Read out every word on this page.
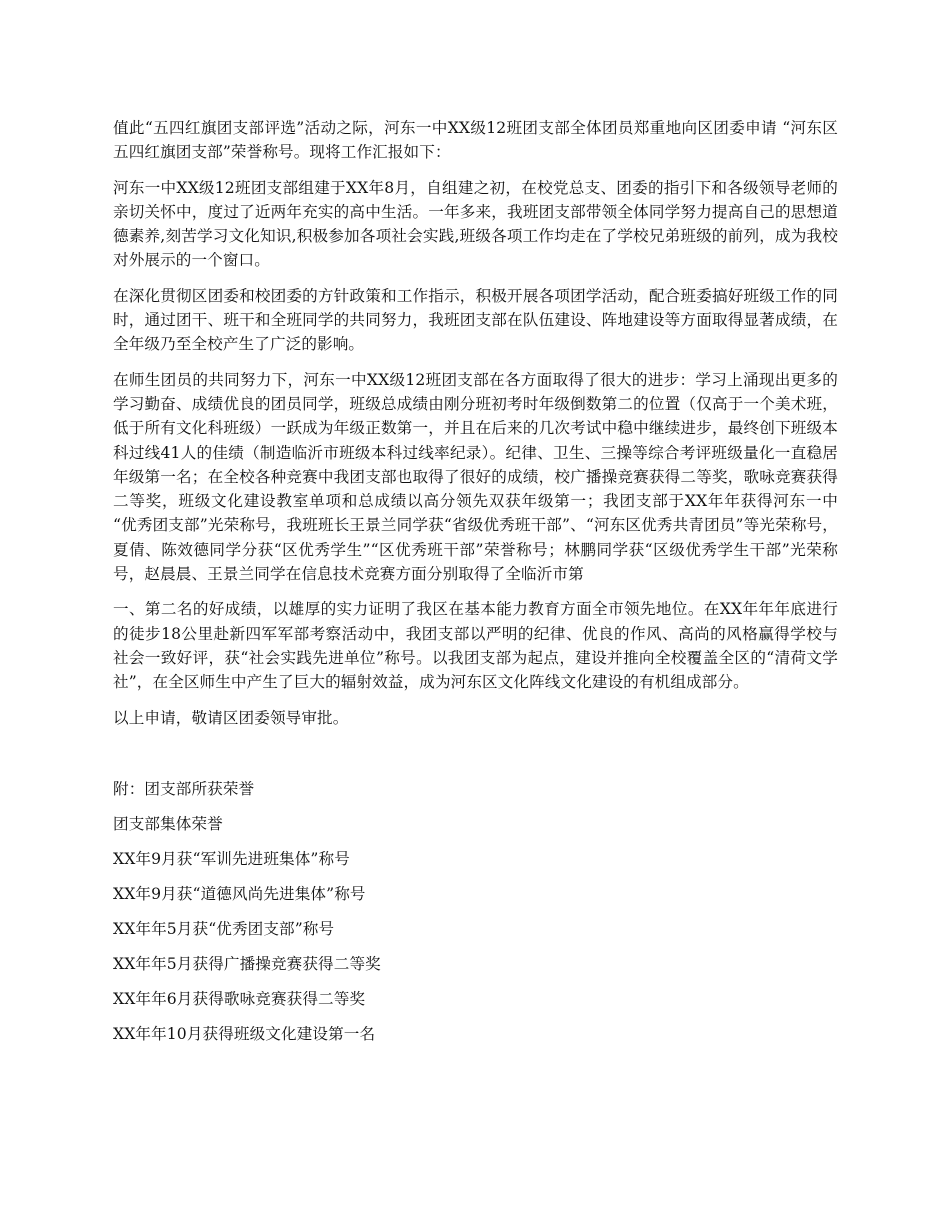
值此“五四红旗团支部评选”活动之际，河东一中XX级12班团支部全体团员郑重地向区团委申请 “河东区五四红旗团支部”荣誉称号。现将工作汇报如下：

河东一中XX级12班团支部组建于XX年8月，自组建之初，在校党总支、团委的指引下和各级领导老师的亲切关怀中，度过了近两年充实的高中生活。一年多来，我班团支部带领全体同学努力提高自己的思想道德素养,刻苦学习文化知识,积极参加各项社会实践,班级各项工作均走在了学校兄弟班级的前列，成为我校对外展示的一个窗口。

在深化贯彻区团委和校团委的方针政策和工作指示，积极开展各项团学活动，配合班委搞好班级工作的同时，通过团干、班干和全班同学的共同努力，我班团支部在队伍建设、阵地建设等方面取得显著成绩，在全年级乃至全校产生了广泛的影响。

在师生团员的共同努力下，河东一中XX级12班团支部在各方面取得了很大的进步：学习上涌现出更多的学习勤奋、成绩优良的团员同学，班级总成绩由刚分班初考时年级倒数第二的位置（仅高于一个美术班，低于所有文化科班级）一跃成为年级正数第一，并且在后来的几次考试中稳中继续进步，最终创下班级本科过线41人的佳绩（制造临沂市班级本科过线率纪录）。纪律、卫生、三操等综合考评班级量化一直稳居年级第一名；在全校各种竞赛中我团支部也取得了很好的成绩，校广播操竞赛获得二等奖，歌咏竞赛获得二等奖，班级文化建设教室单项和总成绩以高分领先双获年级第一；我团支部于XX年年获得河东一中 “优秀团支部”光荣称号，我班班长王景兰同学获“省级优秀班干部”、“河东区优秀共青团员”等光荣称号，夏倩、陈效德同学分获“区优秀学生”“区优秀班干部”荣誉称号；林鹏同学获“区级优秀学生干部”光荣称号，赵晨晨、王景兰同学在信息技术竞赛方面分别取得了全临沂市第

一、第二名的好成绩，以雄厚的实力证明了我区在基本能力教育方面全市领先地位。在XX年年年底进行的徒步18公里赴新四军军部考察活动中，我团支部以严明的纪律、优良的作风、高尚的风格赢得学校与社会一致好评，获“社会实践先进单位”称号。以我团支部为起点，建设并推向全校覆盖全区的“清荷文学社”，在全区师生中产生了巨大的辐射效益，成为河东区文化阵线文化建设的有机组成部分。

以上申请，敬请区团委领导审批。

附：团支部所获荣誉

团支部集体荣誉

XX年9月获“军训先进班集体”称号
XX年9月获“道德风尚先进集体”称号
XX年年5月获“优秀团支部”称号
XX年年5月获得广播操竞赛获得二等奖
XX年年6月获得歌咏竞赛获得二等奖
XX年年10月获得班级文化建设第一名
